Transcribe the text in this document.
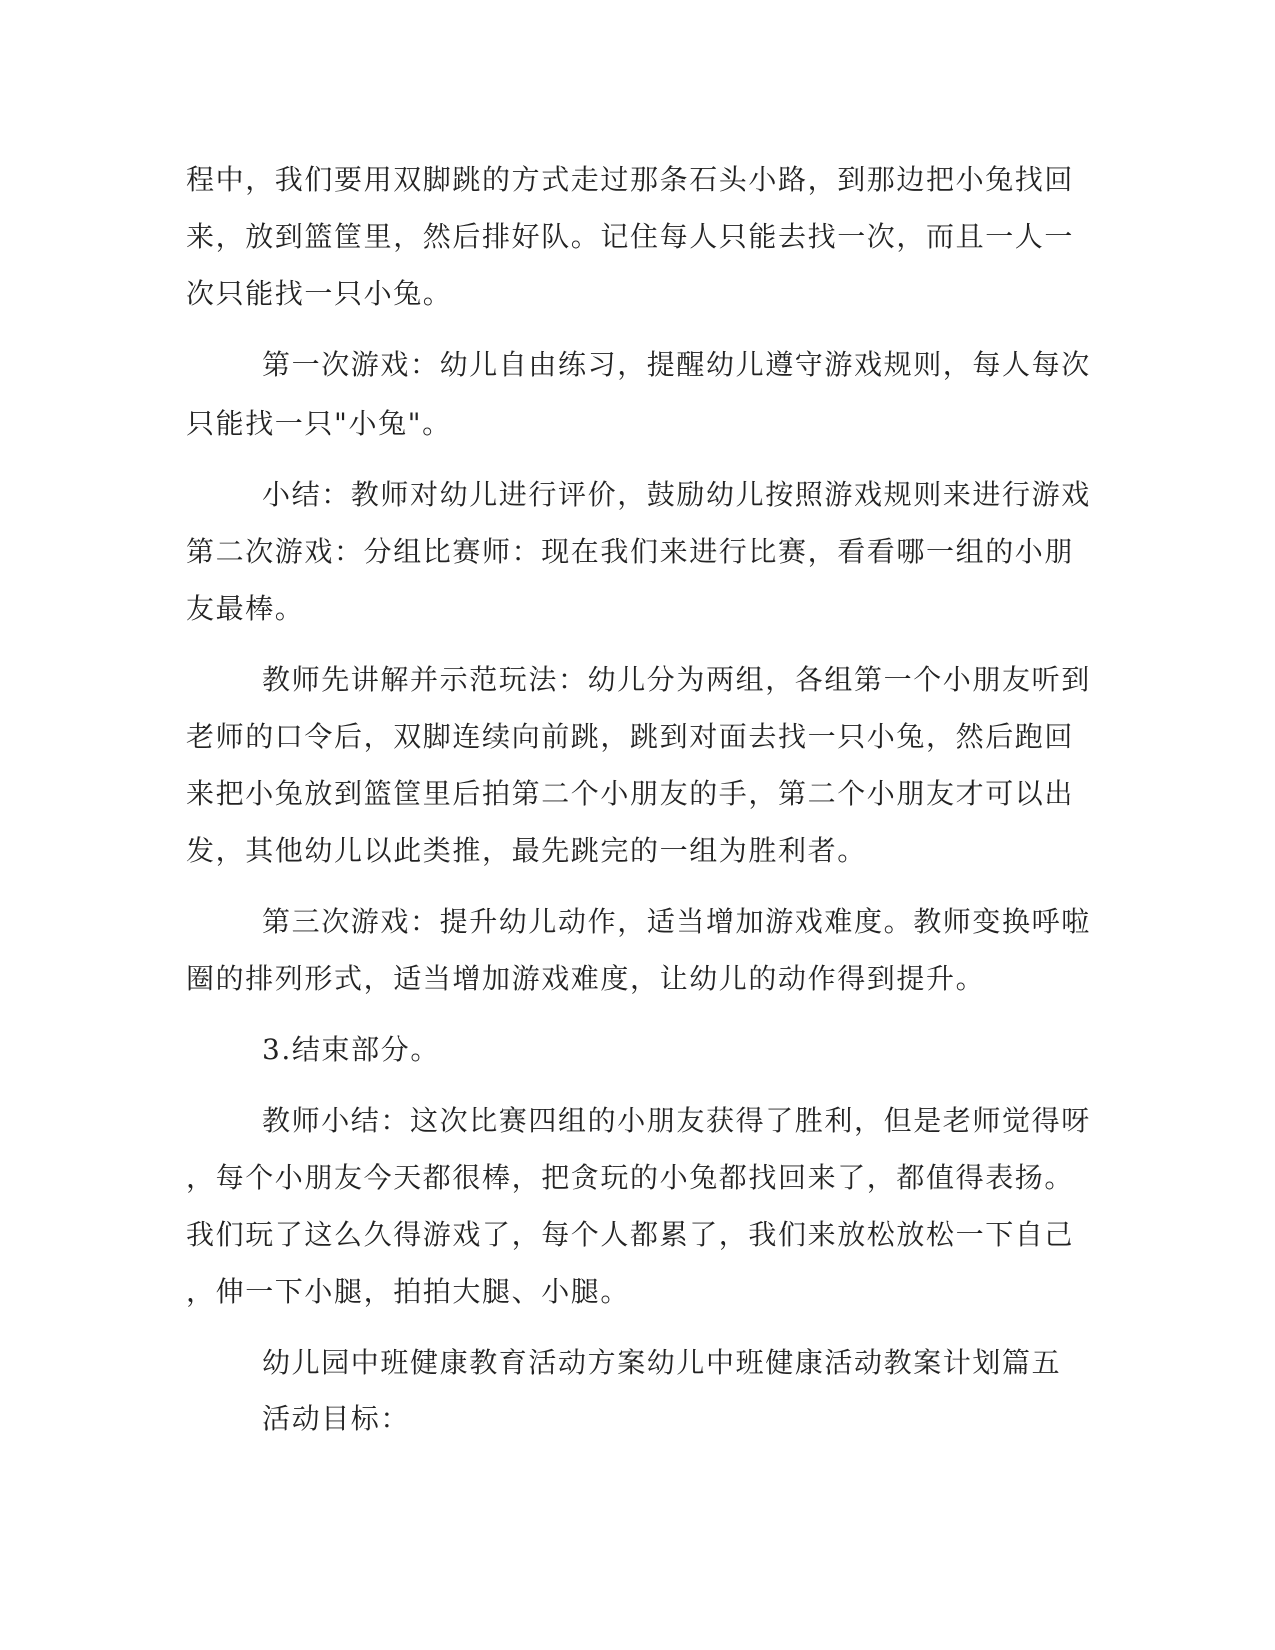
程中，我们要用双脚跳的方式走过那条石头小路，到那边把小兔找回
来，放到篮筐里，然后排好队。记住每人只能去找一次，而且一人一
次只能找一只小兔。
第一次游戏：幼儿自由练习，提醒幼儿遵守游戏规则，每人每次
只能找一只"小兔"。
小结：教师对幼儿进行评价，鼓励幼儿按照游戏规则来进行游戏
第二次游戏：分组比赛师：现在我们来进行比赛，看看哪一组的小朋
友最棒。
教师先讲解并示范玩法：幼儿分为两组，各组第一个小朋友听到
老师的口令后，双脚连续向前跳，跳到对面去找一只小兔，然后跑回
来把小兔放到篮筐里后拍第二个小朋友的手，第二个小朋友才可以出
发，其他幼儿以此类推，最先跳完的一组为胜利者。
第三次游戏：提升幼儿动作，适当增加游戏难度。教师变换呼啦
圈的排列形式，适当增加游戏难度，让幼儿的动作得到提升。
3.结束部分。
教师小结：这次比赛四组的小朋友获得了胜利，但是老师觉得呀
，每个小朋友今天都很棒，把贪玩的小兔都找回来了，都值得表扬。
我们玩了这么久得游戏了，每个人都累了，我们来放松放松一下自己
，伸一下小腿，拍拍大腿、小腿。
幼儿园中班健康教育活动方案幼儿中班健康活动教案计划篇五
活动目标：
